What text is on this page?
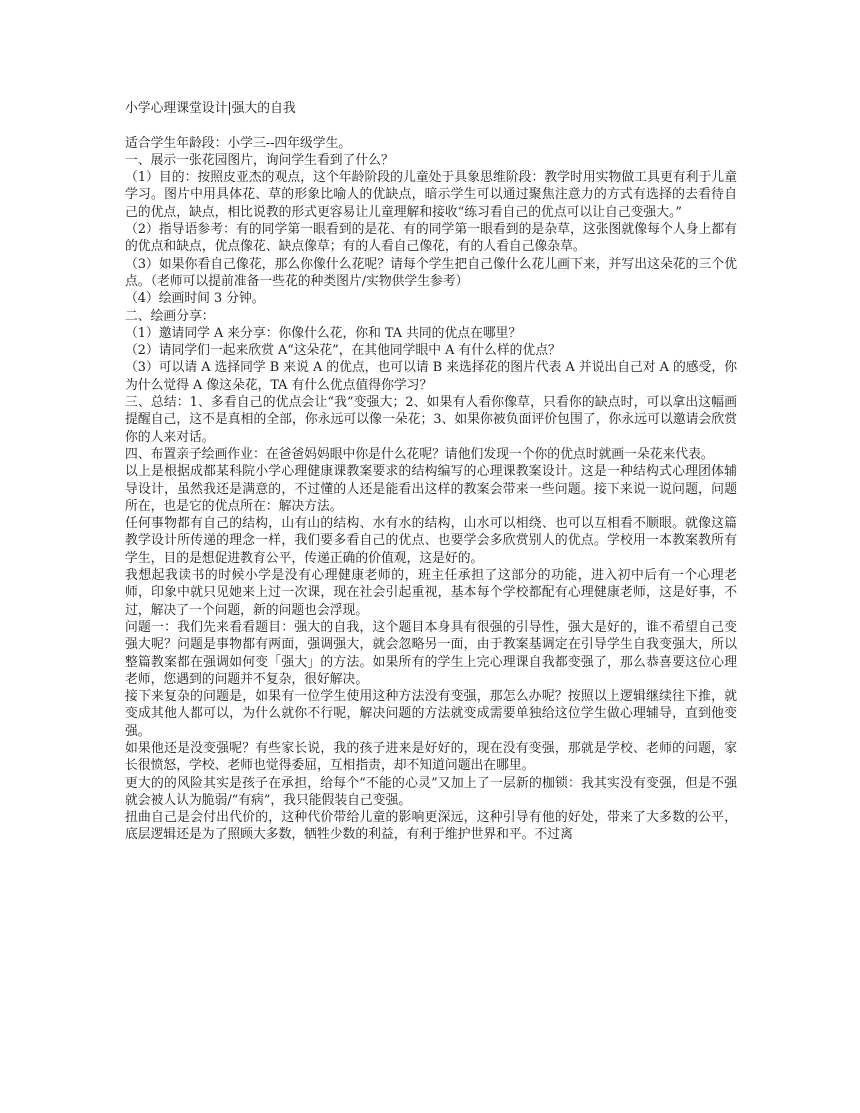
小学心理课堂设计|强大的自我

适合学生年龄段：小学三--四年级学生。

一、展示一张花园图片，询问学生看到了什么？

（1）目的：按照皮亚杰的观点，这个年龄阶段的儿童处于具象思维阶段：教学时用实物做工具更有利于儿童学习。图片中用具体花、草的形象比喻人的优缺点，暗示学生可以通过聚焦注意力的方式有选择的去看待自己的优点，缺点，相比说教的形式更容易让儿童理解和接收“练习看自己的优点可以让自己变强大。”

（2）指导语参考：有的同学第一眼看到的是花、有的同学第一眼看到的是杂草，这张图就像每个人身上都有的优点和缺点，优点像花、缺点像草；有的人看自己像花，有的人看自己像杂草。

（3）如果你看自己像花，那么你像什么花呢？请每个学生把自己像什么花儿画下来，并写出这朵花的三个优点。（老师可以提前准备一些花的种类图片/实物供学生参考）

（4）绘画时间 3 分钟。

二、绘画分享：

（1）邀请同学 A 来分享：你像什么花，你和 TA 共同的优点在哪里？

（2）请同学们一起来欣赏 A“这朵花”，在其他同学眼中 A 有什么样的优点？

（3）可以请 A 选择同学 B 来说 A 的优点，也可以请 B 来选择花的图片代表 A 并说出自己对 A 的感受，你为什么觉得 A 像这朵花，TA 有什么优点值得你学习？

三、总结：1、多看自己的优点会让“我”变强大；2、如果有人看你像草，只看你的缺点时，可以拿出这幅画提醒自己，这不是真相的全部，你永远可以像一朵花；3、如果你被负面评价包围了，你永远可以邀请会欣赏你的人来对话。

四、布置亲子绘画作业：在爸爸妈妈眼中你是什么花呢？请他们发现一个你的优点时就画一朵花来代表。

以上是根据成都某科院小学心理健康课教案要求的结构编写的心理课教案设计。这是一种结构式心理团体辅导设计，虽然我还是满意的，不过懂的人还是能看出这样的教案会带来一些问题。接下来说一说问题，问题所在，也是它的优点所在：解决方法。

任何事物都有自己的结构，山有山的结构、水有水的结构，山水可以相绕、也可以互相看不顺眼。就像这篇教学设计所传递的理念一样，我们要多看自己的优点、也要学会多欣赏别人的优点。学校用一本教案教所有学生，目的是想促进教育公平，传递正确的价值观，这是好的。

我想起我读书的时候小学是没有心理健康老师的，班主任承担了这部分的功能，进入初中后有一个心理老师，印象中就只见她来上过一次课，现在社会引起重视，基本每个学校都配有心理健康老师，这是好事，不过，解决了一个问题，新的问题也会浮现。

问题一：我们先来看看题目：强大的自我，这个题目本身具有很强的引导性，强大是好的，谁不希望自己变强大呢？问题是事物都有两面，强调强大，就会忽略另一面，由于教案基调定在引导学生自我变强大，所以整篇教案都在强调如何变「强大」的方法。如果所有的学生上完心理课自我都变强了，那么恭喜要这位心理老师，您遇到的问题并不复杂，很好解决。

接下来复杂的问题是，如果有一位学生使用这种方法没有变强，那怎么办呢？按照以上逻辑继续往下推，就变成其他人都可以，为什么就你不行呢，解决问题的方法就变成需要单独给这位学生做心理辅导，直到他变强。

如果他还是没变强呢？有些家长说，我的孩子进来是好好的，现在没有变强，那就是学校、老师的问题，家长很愤怒，学校、老师也觉得委屈，互相指责，却不知道问题出在哪里。

更大的的风险其实是孩子在承担，给每个“不能的心灵”又加上了一层新的枷锁：我其实没有变强，但是不强就会被人认为脆弱/“有病”，我只能假装自己变强。

扭曲自己是会付出代价的，这种代价带给儿童的影响更深远，这种引导有他的好处，带来了大多数的公平，底层逻辑还是为了照顾大多数，牺牲少数的利益，有利于维护世界和平。不过离
